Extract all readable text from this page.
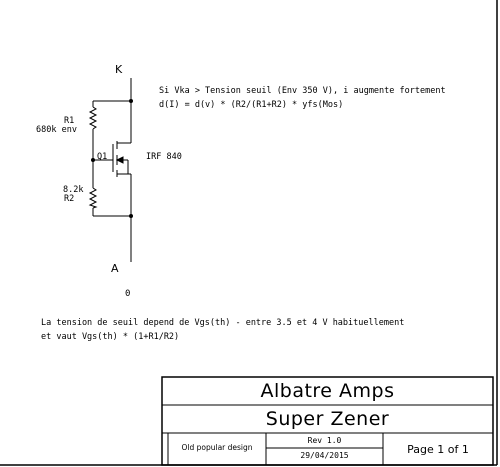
K
A
0
R1
680k env
8.2k
R2
Q1	IRF 840
Si Vka > Tension seuil (Env 350 V), i augmente fortement
d(I) = d(v) * (R2/(R1+R2) * yfs(Mos)
La tension de seuil depend de Vgs(th) - entre 3.5 et 4 V habituellement
et vaut Vgs(th) * (1+R1/R2)
Albatre Amps
Super Zener
Old popular design
Rev 1.0
29/04/2015	Page 1 of 1
